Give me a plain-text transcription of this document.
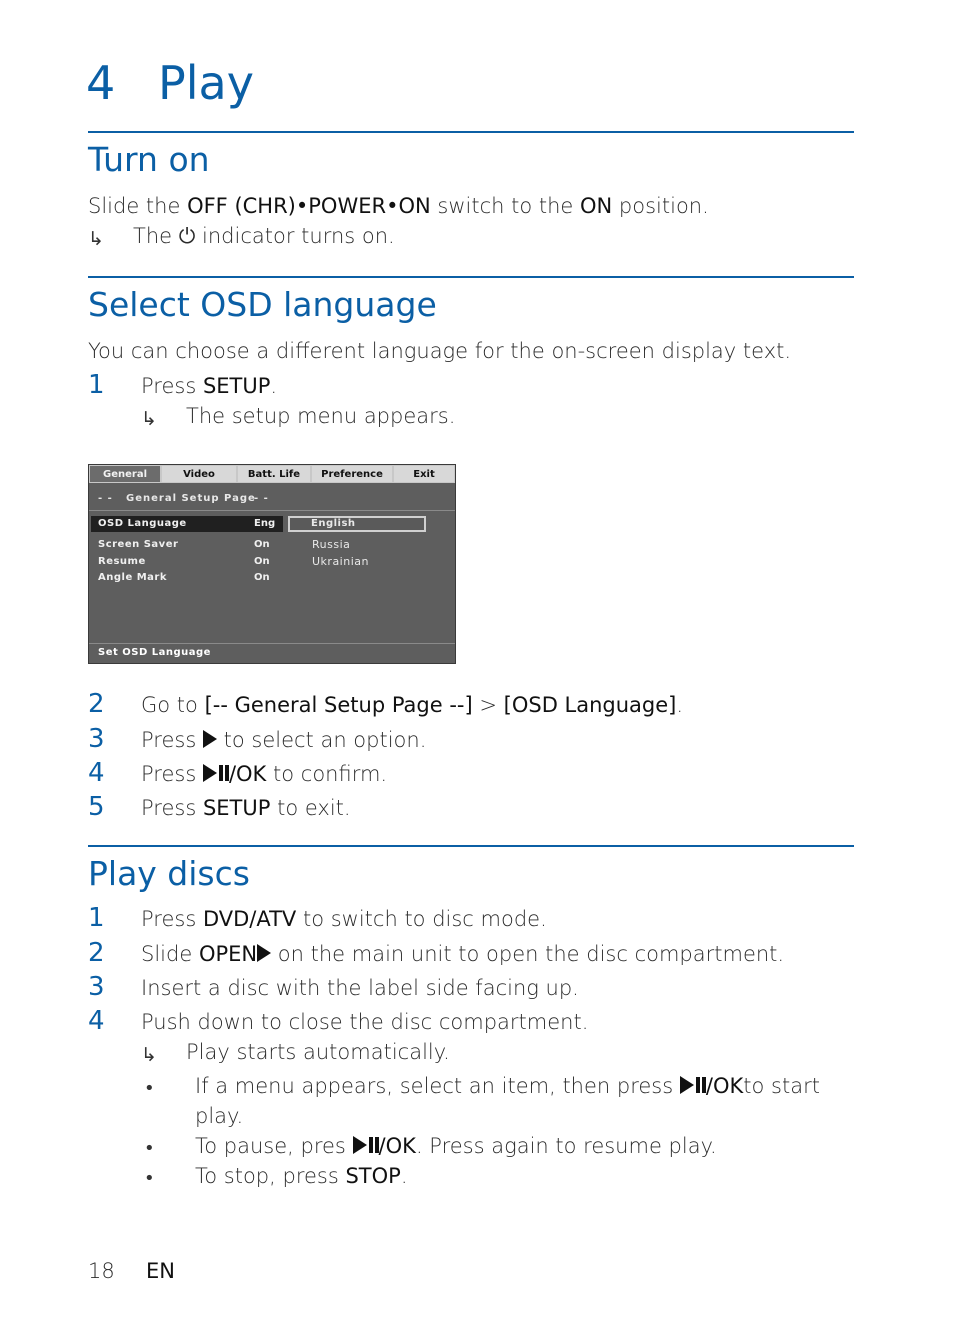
4 Play
Turn on
Slide the OFF (CHR)•POWER•ON switch to the ON position.
↳ The ⏻ indicator turns on.
Select OSD language
You can choose a different language for the on-screen display text.
1 Press SETUP.
↳ The setup menu appears.
General	Video	Batt. Life	Preference	Exit
- - General Setup Page
- -
OSD Language	Eng
Screen Saver	On
Resume	On
Angle Mark	On
English
Russia
Ukrainian
Set OSD Language
2 Go to [-- General Setup Page --] > [OSD Language].
3 Press
to select an option.
4 Press
/OK to confirm.
5 Press SETUP to exit.
Play discs
1 Press DVD/ATV to switch to disc mode.
2 Slide OPEN
on the main unit to open the disc compartment.
3 Insert a disc with the label side facing up.
4 Push down to close the disc compartment.
↳ Play starts automatically.
• If a menu appears, select an item, then press
/OKto start
play.
• To pause, pres
/OK. Press again to resume play.
• To stop, press STOP.
18 EN
